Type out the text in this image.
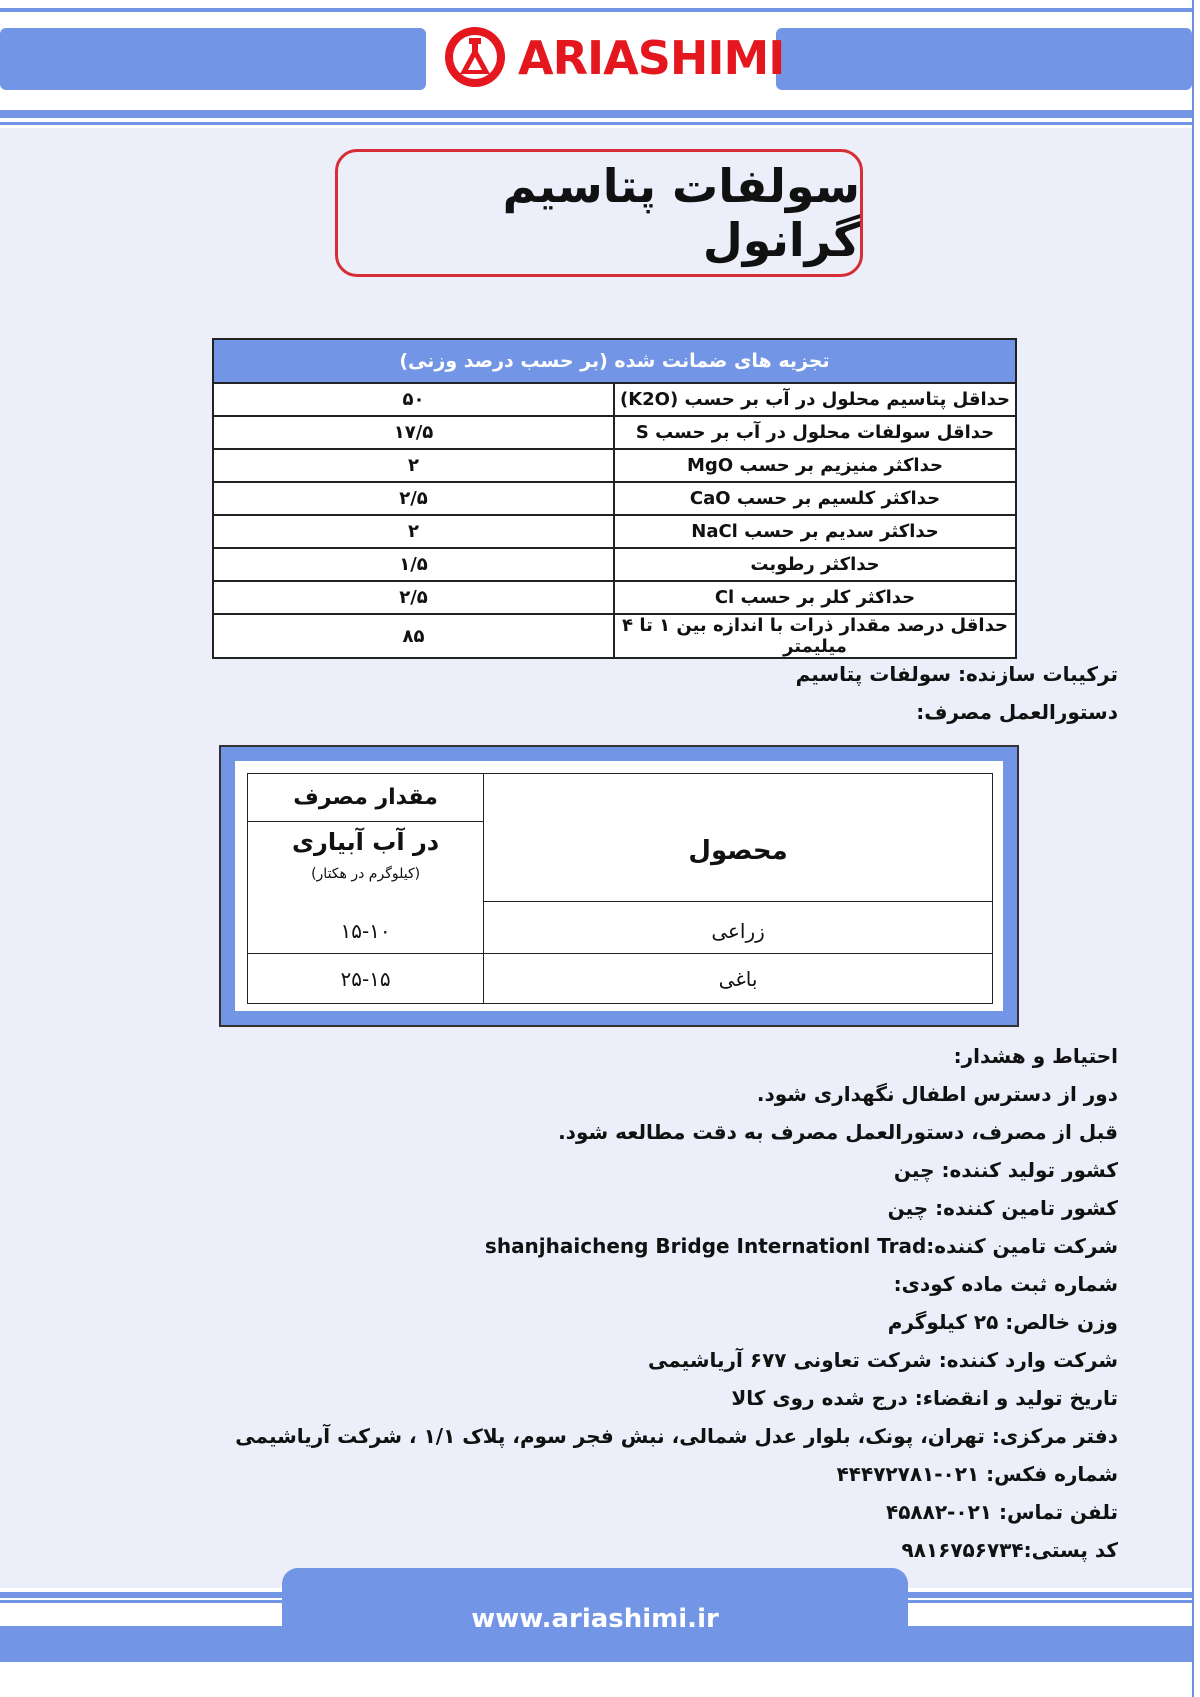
ARIASHIMI
سولفات پتاسیم گرانول
تجزیه های ضمانت شده (بر حسب درصد وزنی)	
حداقل پتاسیم محلول در آب بر حسب (K2O)	۵۰
حداقل سولفات محلول در آب بر حسب S	۱۷/۵
حداکثر منیزیم بر حسب MgO	۲
حداکثر کلسیم بر حسب CaO	۲/۵
حداکثر سدیم بر حسب NaCl	۲
حداکثر رطوبت	۱/۵
حداکثر کلر بر حسب Cl	۲/۵
حداقل درصد مقدار ذرات با اندازه بین ۱ تا ۴ میلیمتر	۸۵
ترکیبات سازنده: سولفات پتاسیم
دستورالعمل مصرف:
محصول	مقدار مصرف

	در آب آبیاری
(کیلوگرم در هکتار)

زراعی	۱۵-۱۰
باغی	۲۵-۱۵
احتیاط و هشدار:
دور از دسترس اطفال نگهداری شود.
قبل از مصرف، دستورالعمل مصرف به دقت مطالعه شود.
کشور تولید کننده: چین
کشور تامین کننده: چین
شرکت تامین کننده:shanjhaicheng Bridge Internationl Trad
شماره ثبت ماده کودی:
وزن خالص: ۲۵ کیلوگرم
شرکت وارد کننده: شرکت تعاونی ۶۷۷ آریاشیمی
تاریخ تولید و انقضاء: درج شده روی کالا
دفتر مرکزی: تهران، پونک، بلوار عدل شمالی، نبش فجر سوم، پلاک ۱/۱ ، شرکت آریاشیمی
شماره فکس: ۰۲۱-۴۴۴۷۲۷۸۱
تلفن تماس: ۰۲۱-۴۵۸۸۲
کد پستی:۹۸۱۶۷۵۶۷۳۴
www.ariashimi.ir
